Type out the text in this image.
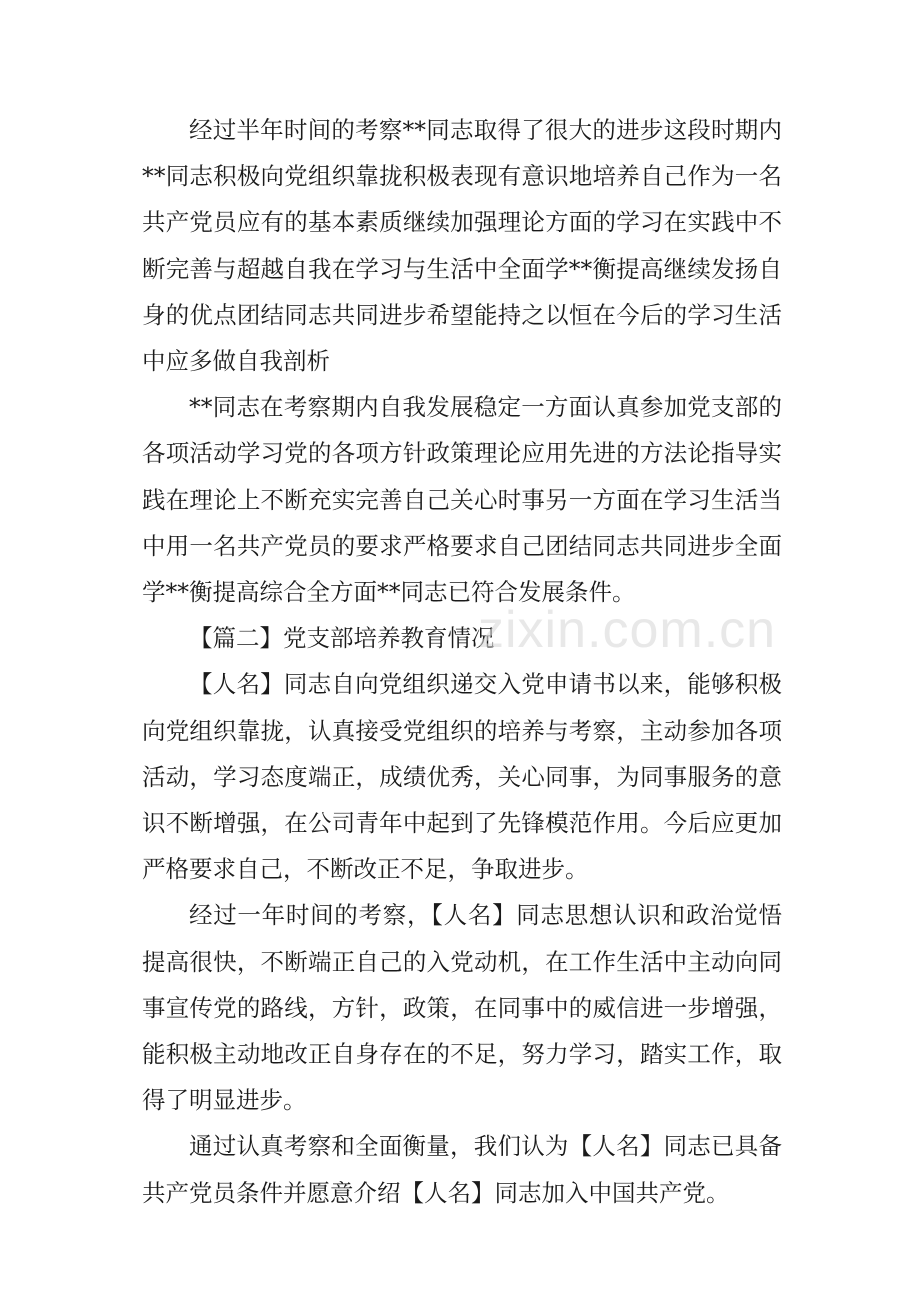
经过半年时间的考察**同志取得了很大的进步这段时期内**同志积极向党组织靠拢积极表现有意识地培养自己作为一名共产党员应有的基本素质继续加强理论方面的学习在实践中不断完善与超越自我在学习与生活中全面学**衡提高继续发扬自身的优点团结同志共同进步希望能持之以恒在今后的学习生活中应多做自我剖析

**同志在考察期内自我发展稳定一方面认真参加党支部的各项活动学习党的各项方针政策理论应用先进的方法论指导实践在理论上不断充实完善自己关心时事另一方面在学习生活当中用一名共产党员的要求严格要求自己团结同志共同进步全面学**衡提高综合全方面**同志已符合发展条件。

【篇二】党支部培养教育情况

【人名】同志自向党组织递交入党申请书以来，能够积极向党组织靠拢，认真接受党组织的培养与考察，主动参加各项活动，学习态度端正，成绩优秀，关心同事，为同事服务的意识不断增强，在公司青年中起到了先锋模范作用。今后应更加严格要求自己，不断改正不足，争取进步。

经过一年时间的考察，【人名】同志思想认识和政治觉悟提高很快，不断端正自己的入党动机，在工作生活中主动向同事宣传党的路线，方针，政策，在同事中的威信进一步增强，能积极主动地改正自身存在的不足，努力学习，踏实工作，取得了明显进步。

通过认真考察和全面衡量，我们认为【人名】同志已具备共产党员条件并愿意介绍【人名】同志加入中国共产党。

zixin.com.cn
